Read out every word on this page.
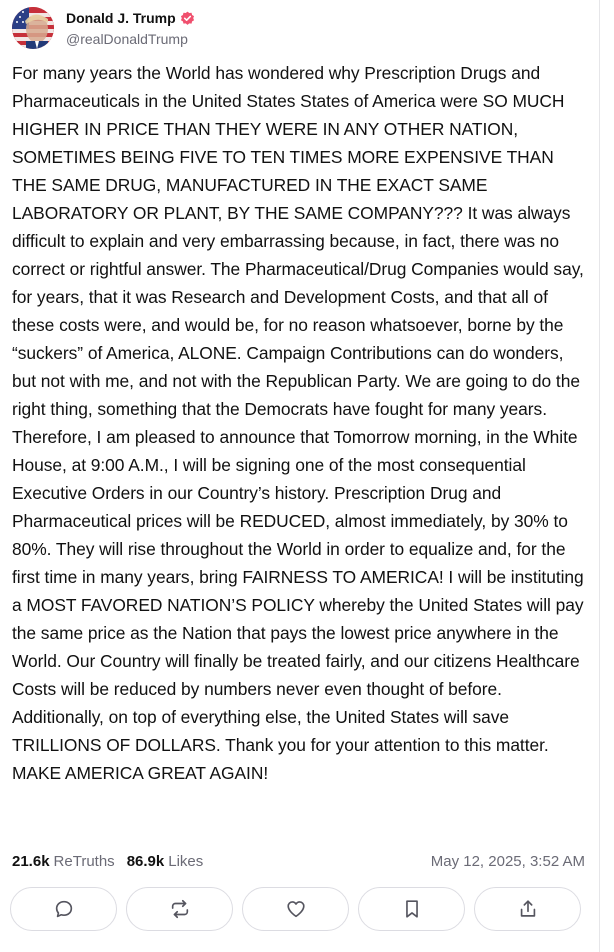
Donald J. Trump
@realDonaldTrump
For many years the World has wondered why Prescription Drugs and Pharmaceuticals in the United States States of America were SO MUCH HIGHER IN PRICE THAN THEY WERE IN ANY OTHER NATION, SOMETIMES BEING FIVE TO TEN TIMES MORE EXPENSIVE THAN THE SAME DRUG, MANUFACTURED IN THE EXACT SAME LABORATORY OR PLANT, BY THE SAME COMPANY??? It was always difficult to explain and very embarrassing because, in fact, there was no correct or rightful answer. The Pharmaceutical/Drug Companies would say, for years, that it was Research and Development Costs, and that all of these costs were, and would be, for no reason whatsoever, borne by the “suckers” of America, ALONE. Campaign Contributions can do wonders, but not with me, and not with the Republican Party. We are going to do the right thing, something that the Democrats have fought for many years. Therefore, I am pleased to announce that Tomorrow morning, in the White House, at 9:00 A.M., I will be signing one of the most consequential Executive Orders in our Country’s history. Prescription Drug and Pharmaceutical prices will be REDUCED, almost immediately, by 30% to 80%. They will rise throughout the World in order to equalize and, for the first time in many years, bring FAIRNESS TO AMERICA! I will be instituting a MOST FAVORED NATION’S POLICY whereby the United States will pay the same price as the Nation that pays the lowest price anywhere in the World. Our Country will finally be treated fairly, and our citizens Healthcare Costs will be reduced by numbers never even thought of before. Additionally, on top of everything else, the United States will save TRILLIONS OF DOLLARS. Thank you for your attention to this matter. MAKE AMERICA GREAT AGAIN!
21.6k ReTruths 86.9k Likes	May 12, 2025, 3:52 AM
